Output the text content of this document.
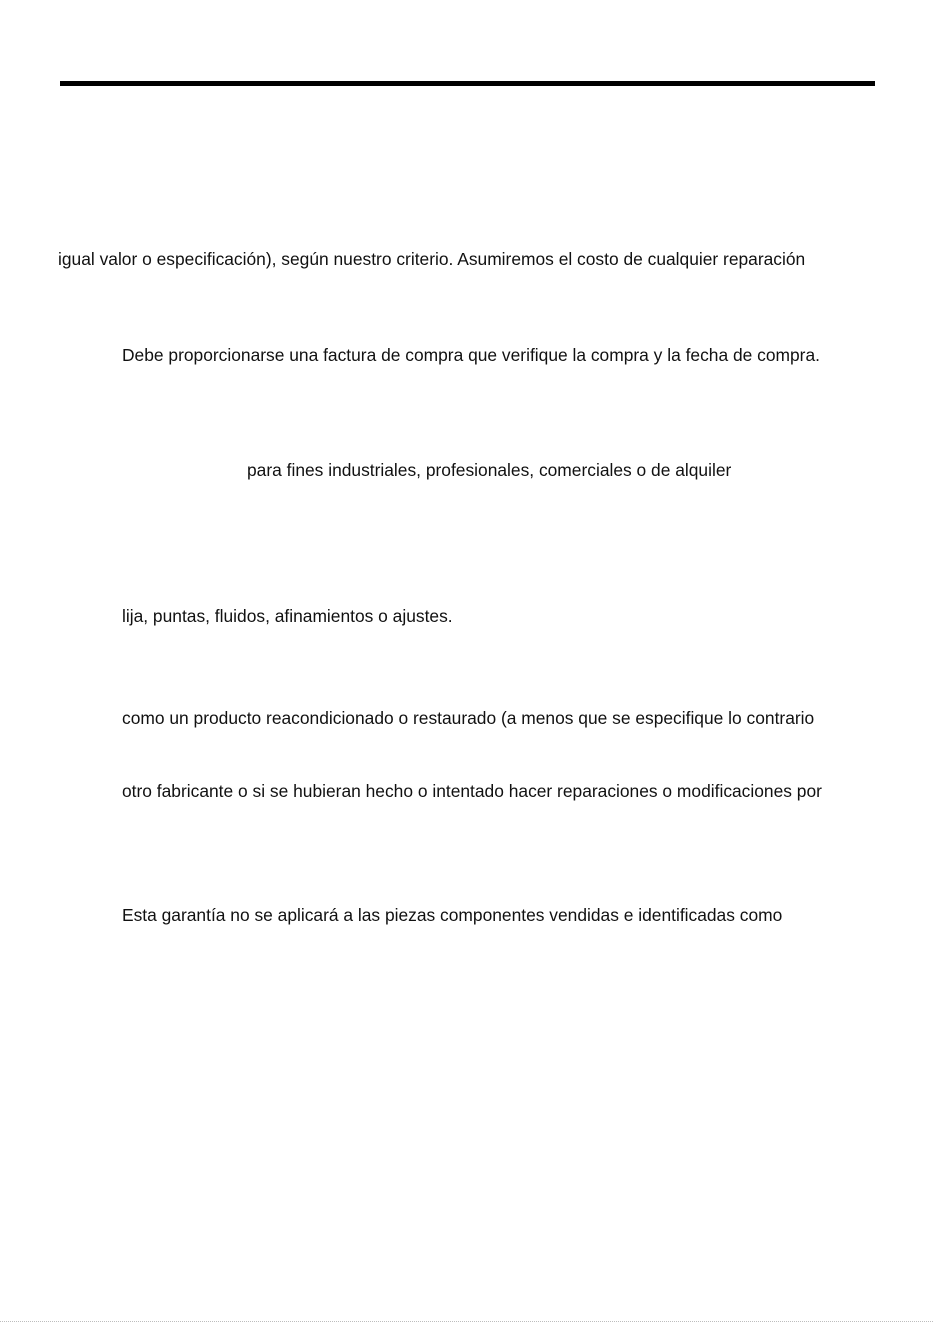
igual valor o especificación), según nuestro criterio. Asumiremos el costo de cualquier reparación
Debe proporcionarse una factura de compra que verifique la compra y la fecha de compra.
para fines industriales, profesionales, comerciales o de alquiler
lija, puntas, fluidos, afinamientos o ajustes.
como un producto reacondicionado o restaurado (a menos que se especifique lo contrario
otro fabricante o si se hubieran hecho o intentado hacer reparaciones o modificaciones por
Esta garantía no se aplicará a las piezas componentes vendidas e identificadas como
